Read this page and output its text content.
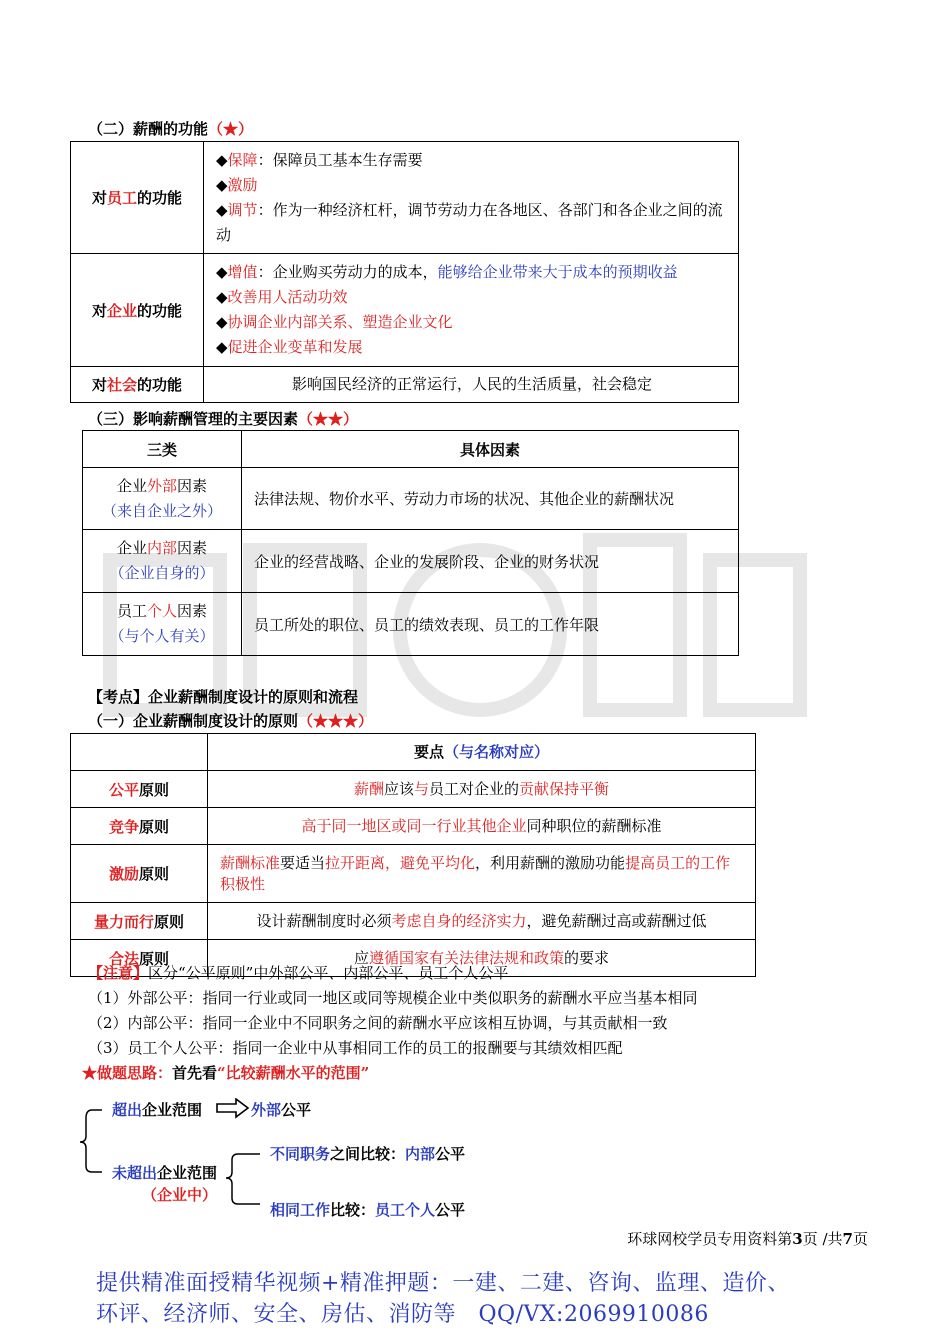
（二）薪酬的功能（★）
对员工的功能	◆保障：保障员工基本生存需要
◆激励
◆调节：作为一种经济杠杆，调节劳动力在各地区、各部门和各企业之间的流动

对企业的功能	◆增值：企业购买劳动力的成本，能够给企业带来大于成本的预期收益
◆改善用人活动功效
◆协调企业内部关系、塑造企业文化
◆促进企业变革和发展

对社会的功能	影响国民经济的正常运行，人民的生活质量，社会稳定
（三）影响薪酬管理的主要因素（★★）
三类	具体因素

企业外部因素
（来自企业之外）	法律法规、物价水平、劳动力市场的状况、其他企业的薪酬状况

企业内部因素
（企业自身的）	企业的经营战略、企业的发展阶段、企业的财务状况

员工个人因素
（与个人有关）	员工所处的职位、员工的绩效表现、员工的工作年限
【考点】企业薪酬制度设计的原则和流程
（一）企业薪酬制度设计的原则（★★★）
	要点（与名称对应）
公平原则	薪酬应该与员工对企业的贡献保持平衡
竞争原则	高于同一地区或同一行业其他企业同种职位的薪酬标准
激励原则	薪酬标准要适当拉开距离，避免平均化，利用薪酬的激励功能提高员工的工作积极性
量力而行原则	设计薪酬制度时必须考虑自身的经济实力，避免薪酬过高或薪酬过低
合法原则	应遵循国家有关法律法规和政策的要求
【注意】区分“公平原则”中外部公平、内部公平、员工个人公平
（1）外部公平：指同一行业或同一地区或同等规模企业中类似职务的薪酬水平应当基本相同
（2）内部公平：指同一企业中不同职务之间的薪酬水平应该相互协调，与其贡献相一致
（3）员工个人公平：指同一企业中从事相同工作的员工的报酬要与其绩效相匹配
★做题思路：首先看“比较薪酬水平的范围”
超出企业范围	外部公平
未超出企业范围
（企业中）
不同职务之间比较：内部公平
相同工作比较：员工个人公平
环球网校学员专用资料第3页 /共7页
提供精准面授精华视频+精准押题：一建、二建、咨询、监理、造价、
环评、经济师、安全、房估、消防等　QQ/VX:2069910086
